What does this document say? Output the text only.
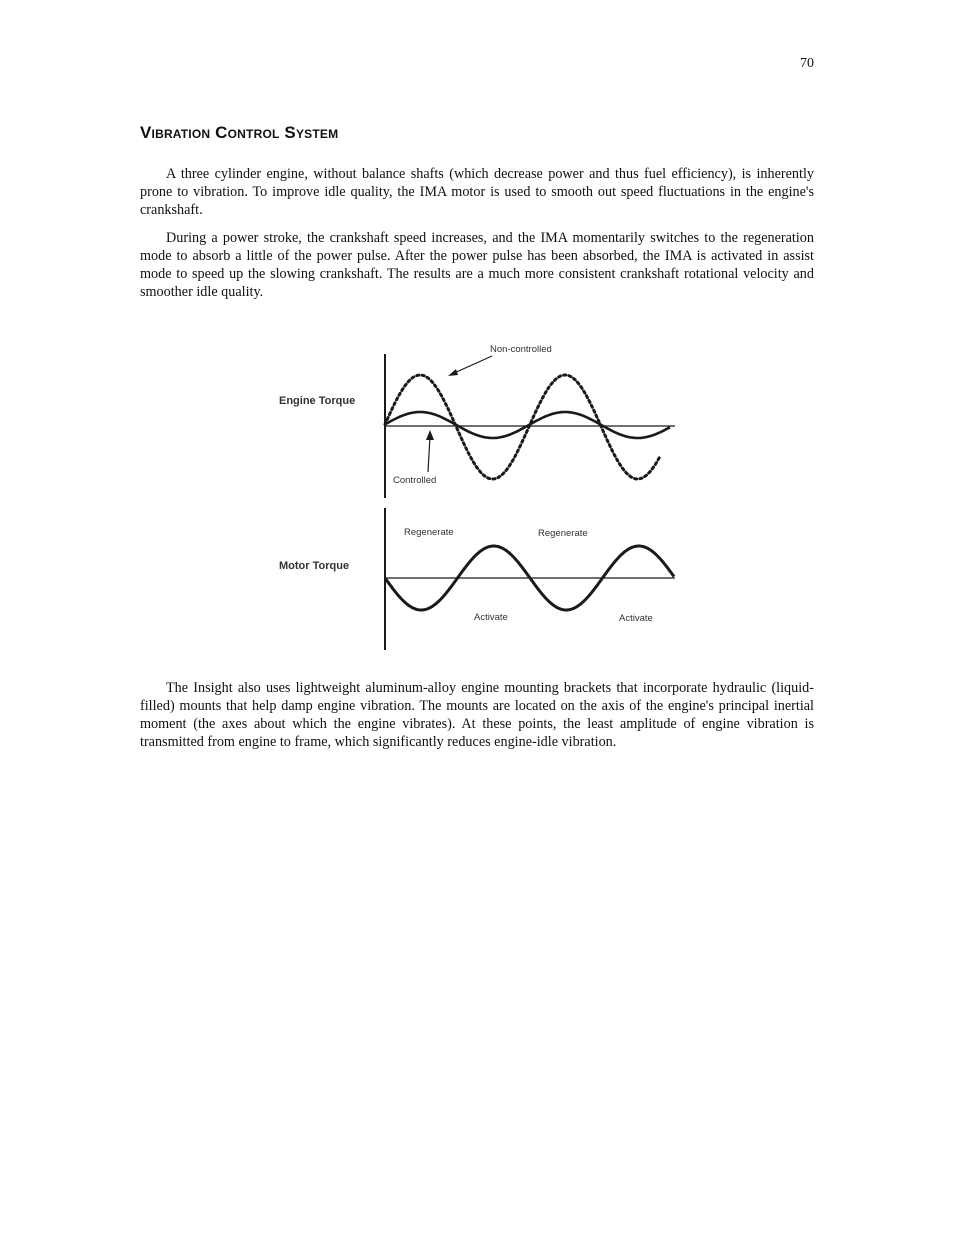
70
Vibration Control System

A three cylinder engine, without balance shafts (which decrease power and thus fuel efficiency), is inherently prone to vibration. To improve idle quality, the IMA motor is used to smooth out speed fluctuations in the engine's crankshaft.

During a power stroke, the crankshaft speed increases, and the IMA momentarily switches to the regeneration mode to absorb a little of the power pulse. After the power pulse has been absorbed, the IMA is activated in assist mode to speed up the slowing crankshaft. The results are a much more consistent crankshaft rotational velocity and smoother idle quality.

Engine Torque
Non-controlled
Controlled
Motor Torque
Regenerate	Regenerate
Activate	Activate

The Insight also uses lightweight aluminum-alloy engine mounting brackets that incorporate hydraulic (liquid-filled) mounts that help damp engine vibration. The mounts are located on the axis of the engine's principal inertial moment (the axes about which the engine vibrates). At these points, the least amplitude of engine vibration is transmitted from engine to frame, which significantly reduces engine-idle vibration.
